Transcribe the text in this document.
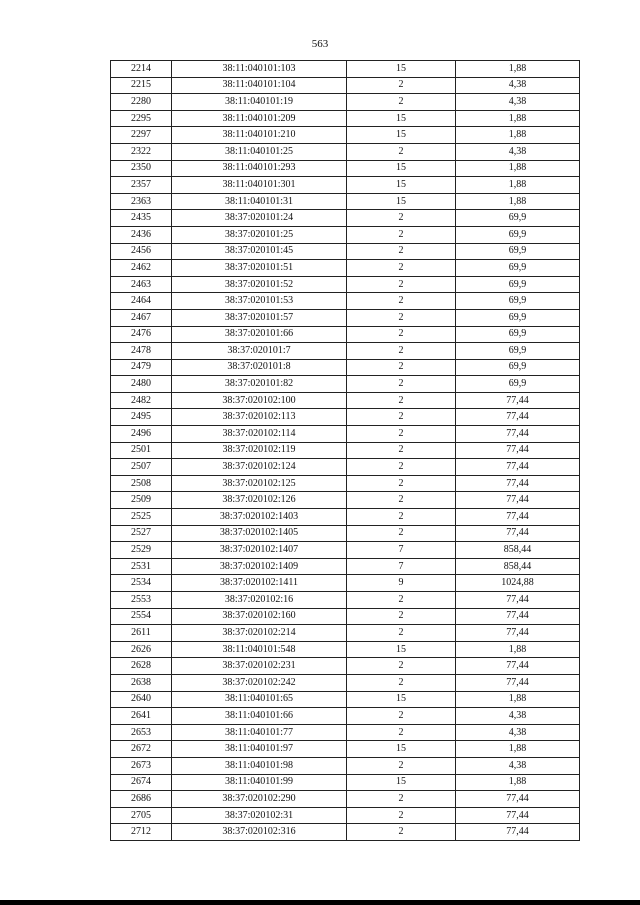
563
2214	38:11:040101:103	15	1,88
2215	38:11:040101:104	2	4,38
2280	38:11:040101:19	2	4,38
2295	38:11:040101:209	15	1,88
2297	38:11:040101:210	15	1,88
2322	38:11:040101:25	2	4,38
2350	38:11:040101:293	15	1,88
2357	38:11:040101:301	15	1,88
2363	38:11:040101:31	15	1,88
2435	38:37:020101:24	2	69,9
2436	38:37:020101:25	2	69,9
2456	38:37:020101:45	2	69,9
2462	38:37:020101:51	2	69,9
2463	38:37:020101:52	2	69,9
2464	38:37:020101:53	2	69,9
2467	38:37:020101:57	2	69,9
2476	38:37:020101:66	2	69,9
2478	38:37:020101:7	2	69,9
2479	38:37:020101:8	2	69,9
2480	38:37:020101:82	2	69,9
2482	38:37:020102:100	2	77,44
2495	38:37:020102:113	2	77,44
2496	38:37:020102:114	2	77,44
2501	38:37:020102:119	2	77,44
2507	38:37:020102:124	2	77,44
2508	38:37:020102:125	2	77,44
2509	38:37:020102:126	2	77,44
2525	38:37:020102:1403	2	77,44
2527	38:37:020102:1405	2	77,44
2529	38:37:020102:1407	7	858,44
2531	38:37:020102:1409	7	858,44
2534	38:37:020102:1411	9	1024,88
2553	38:37:020102:16	2	77,44
2554	38:37:020102:160	2	77,44
2611	38:37:020102:214	2	77,44
2626	38:11:040101:548	15	1,88
2628	38:37:020102:231	2	77,44
2638	38:37:020102:242	2	77,44
2640	38:11:040101:65	15	1,88
2641	38:11:040101:66	2	4,38
2653	38:11:040101:77	2	4,38
2672	38:11:040101:97	15	1,88
2673	38:11:040101:98	2	4,38
2674	38:11:040101:99	15	1,88
2686	38:37:020102:290	2	77,44
2705	38:37:020102:31	2	77,44
2712	38:37:020102:316	2	77,44
